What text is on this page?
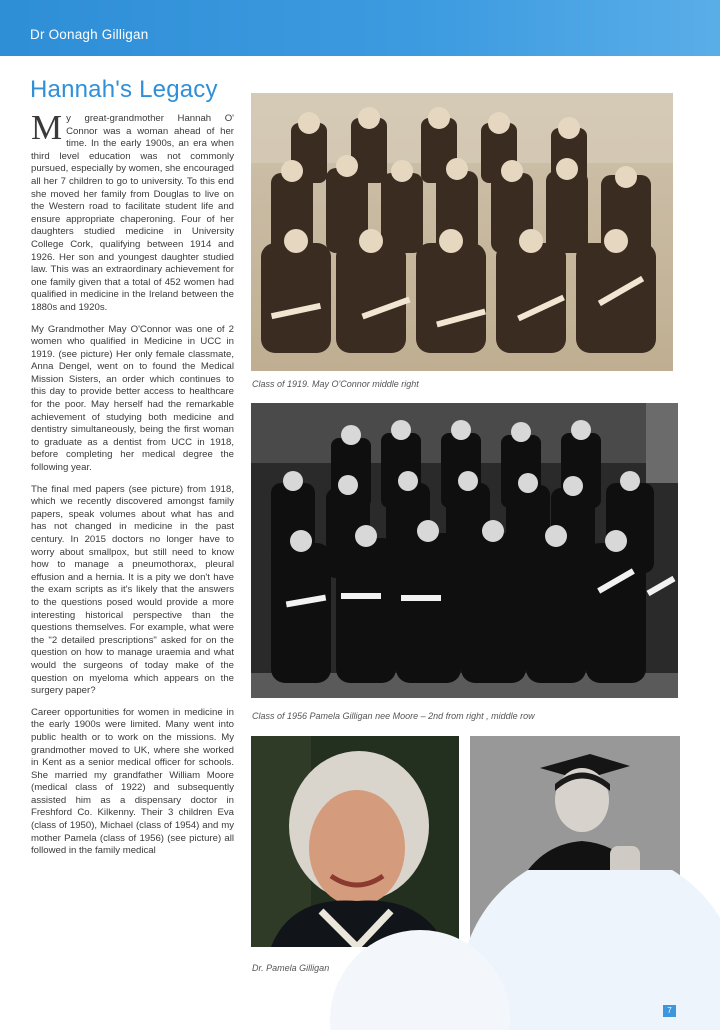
Dr Oonagh Gilligan
Hannah's Legacy

My great-grandmother Hannah O' Connor was a woman ahead of her time. In the early 1900s, an era when third level education was not commonly pursued, especially by women, she encouraged all her 7 children to go to university. To this end she moved her family from Douglas to live on the Western road to facilitate student life and ensure appropriate chaperoning. Four of her daughters studied medicine in University College Cork, qualifying between 1914 and 1926. Her son and youngest daughter studied law. This was an extraordinary achievement for one family given that a total of 452 women had qualified in medicine in the Ireland between the 1880s and 1920s.

My Grandmother May O'Connor was one of 2 women who qualified in Medicine in UCC in 1919. (see picture) Her only female classmate, Anna Dengel, went on to found the Medical Mission Sisters, an order which continues to this day to provide better access to healthcare for the poor. May herself had the remarkable achievement of studying both medicine and dentistry simultaneously, being the first woman to graduate as a dentist from UCC in 1918, before completing her medical degree the following year.

The final med papers (see picture) from 1918, which we recently discovered amongst family papers, speak volumes about what has and has not changed in medicine in the past century. In 2015 doctors no longer have to worry about smallpox, but still need to know how to manage a pneumothorax, pleural effusion and a hernia. It is a pity we don't have the exam scripts as it's likely that the answers to the questions posed would provide a more interesting historical perspective than the questions themselves. For example, what were the "2 detailed prescriptions" asked for on the question on how to manage uraemia and what would the surgeons of today make of the question on myeloma which appears on the surgery paper?

Career opportunities for women in medicine in the early 1900s were limited. Many went into public health or to work on the missions. My grandmother moved to UK, where she worked in Kent as a senior medical officer for schools. She married my grandfather William Moore (medical class of 1922) and subsequently assisted him as a dispensary doctor in Freshford Co. Kilkenny. Their 3 children Eva (class of 1950), Michael (class of 1954) and my mother Pamela (class of 1956) (see picture) all followed in the family medical

Class of 1919. May O'Connor middle right
Class of 1956 Pamela Gilligan nee Moore – 2nd from right , middle row
Dr. Pamela Gilligan
7
